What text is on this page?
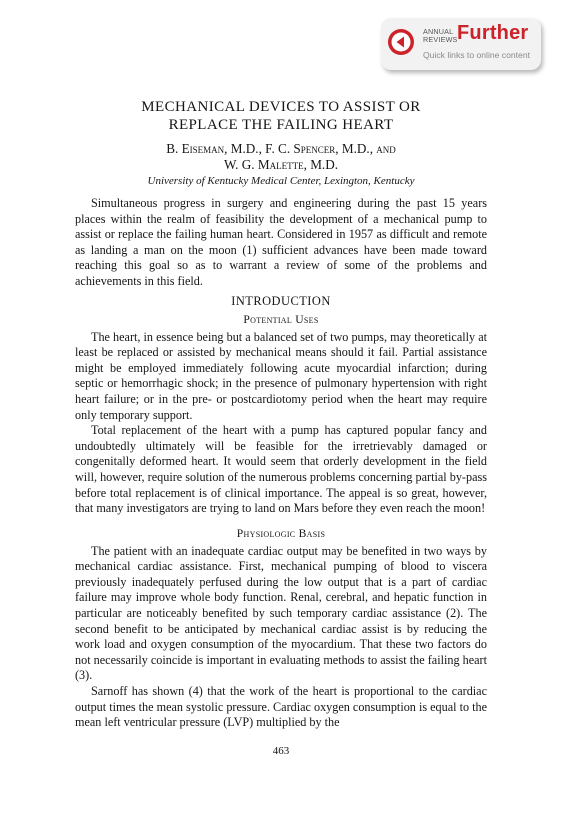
ANNUAL
REVIEWS Further
Quick links to online content
MECHANICAL DEVICES TO ASSIST OR
REPLACE THE FAILING HEART
B. Eiseman, M.D., F. C. Spencer, M.D., and
W. G. Malette, M.D.
University of Kentucky Medical Center, Lexington, Kentucky

Simultaneous progress in surgery and engineering during the past 15 years places within the realm of feasibility the development of a mechanical pump to assist or replace the failing human heart. Considered in 1957 as difficult and remote as landing a man on the moon (1) sufficient advances have been made toward reaching this goal so as to warrant a review of some of the problems and achievements in this field.

INTRODUCTION
Potential Uses

The heart, in essence being but a balanced set of two pumps, may theoretically at least be replaced or assisted by mechanical means should it fail. Partial assistance might be employed immediately following acute myocardial infarction; during septic or hemorrhagic shock; in the presence of pulmonary hypertension with right heart failure; or in the pre- or postcardiotomy period when the heart may require only temporary support.

Total replacement of the heart with a pump has captured popular fancy and undoubtedly ultimately will be feasible for the irretrievably damaged or congenitally deformed heart. It would seem that orderly development in the field will, however, require solution of the numerous problems concerning partial by-pass before total replacement is of clinical importance. The appeal is so great, however, that many investigators are trying to land on Mars before they even reach the moon!

Physiologic Basis

The patient with an inadequate cardiac output may be benefited in two ways by mechanical cardiac assistance. First, mechanical pumping of blood to viscera previously inadequately perfused during the low output that is a part of cardiac failure may improve whole body function. Renal, cerebral, and hepatic function in particular are noticeably benefited by such temporary cardiac assistance (2). The second benefit to be anticipated by mechanical cardiac assist is by reducing the work load and oxygen consumption of the myocardium. That these two factors do not necessarily coincide is important in evaluating methods to assist the failing heart (3).

Sarnoff has shown (4) that the work of the heart is proportional to the cardiac output times the mean systolic pressure. Cardiac oxygen consumption is equal to the mean left ventricular pressure (LVP) multiplied by the

463
